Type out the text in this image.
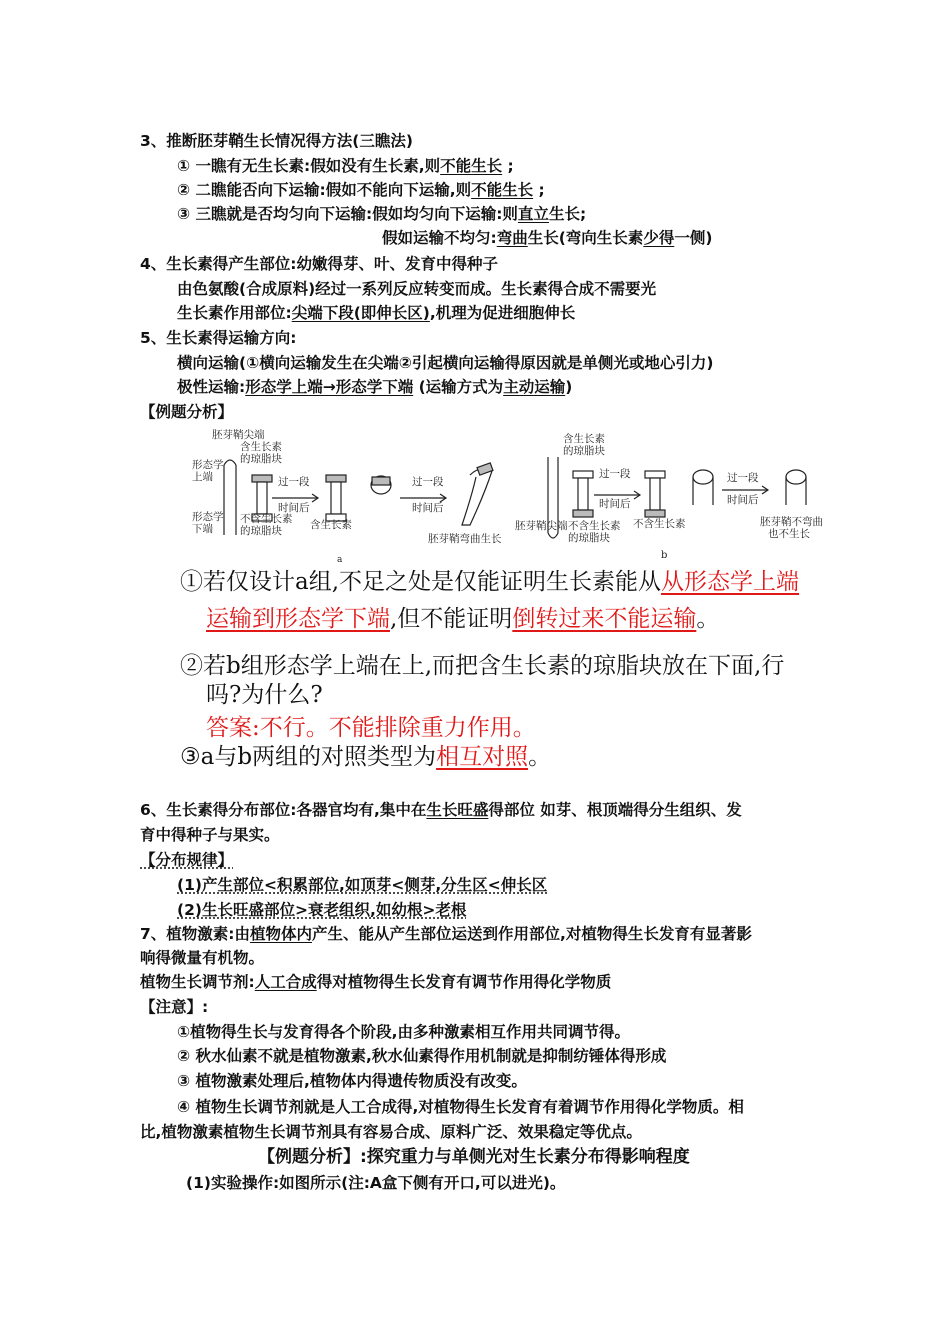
3、推断胚芽鞘生长情况得方法(三瞧法)
① 一瞧有无生长素:假如没有生长素,则不能生长 ;
② 二瞧能否向下运输:假如不能向下运输,则不能生长 ;
③ 三瞧就是否均匀向下运输:假如均匀向下运输:则直立生长;
假如运输不均匀:弯曲生长(弯向生长素少得一侧)
4、生长素得产生部位:幼嫩得芽、叶、发育中得种子
由色氨酸(合成原料)经过一系列反应转变而成。生长素得合成不需要光
生长素作用部位:尖端下段(即伸长区),机理为促进细胞伸长
5、生长素得运输方向:
横向运输(①横向运输发生在尖端②引起横向运输得原因就是单侧光或地心引力)
极性运输:形态学上端→形态学下端 (运输方式为主动运输)
【例题分析】
胚芽鞘尖端
含生长素
的琼脂块
形态学
上端
形态学
下端
不含生长素
的琼脂块
过一段
时间后
含生长素
过一段
时间后
胚芽鞘弯曲生长
a
含生长素
的琼脂块
胚芽鞘尖端 不含生长素
的琼脂块
过一段
时间后
不含生长素
过一段
时间后
胚芽鞘不弯曲
也不生长
b
①若仅设计a组,不足之处是仅能证明生长素能从从形态学上端
运输到形态学下端,但不能证明倒转过来不能运输。
②若b组形态学上端在上,而把含生长素的琼脂块放在下面,行
吗?为什么?
答案:不行。不能排除重力作用。
③a与b两组的对照类型为相互对照。
6、生长素得分布部位:各器官均有,集中在生长旺盛得部位 如芽、根顶端得分生组织、发
育中得种子与果实。
【分布规律】
(1)产生部位<积累部位,如顶芽<侧芽,分生区<伸长区
(2)生长旺盛部位>衰老组织,如幼根>老根
7、植物激素:由植物体内产生、能从产生部位运送到作用部位,对植物得生长发育有显著影
响得微量有机物。
植物生长调节剂:人工合成得对植物得生长发育有调节作用得化学物质
【注意】:
①植物得生长与发育得各个阶段,由多种激素相互作用共同调节得。
② 秋水仙素不就是植物激素,秋水仙素得作用机制就是抑制纺锤体得形成
③ 植物激素处理后,植物体内得遗传物质没有改变。
④ 植物生长调节剂就是人工合成得,对植物得生长发育有着调节作用得化学物质。相
比,植物激素植物生长调节剂具有容易合成、原料广泛、效果稳定等优点。
【例题分析】:探究重力与单侧光对生长素分布得影响程度
(1)实验操作:如图所示(注:A盒下侧有开口,可以进光)。
